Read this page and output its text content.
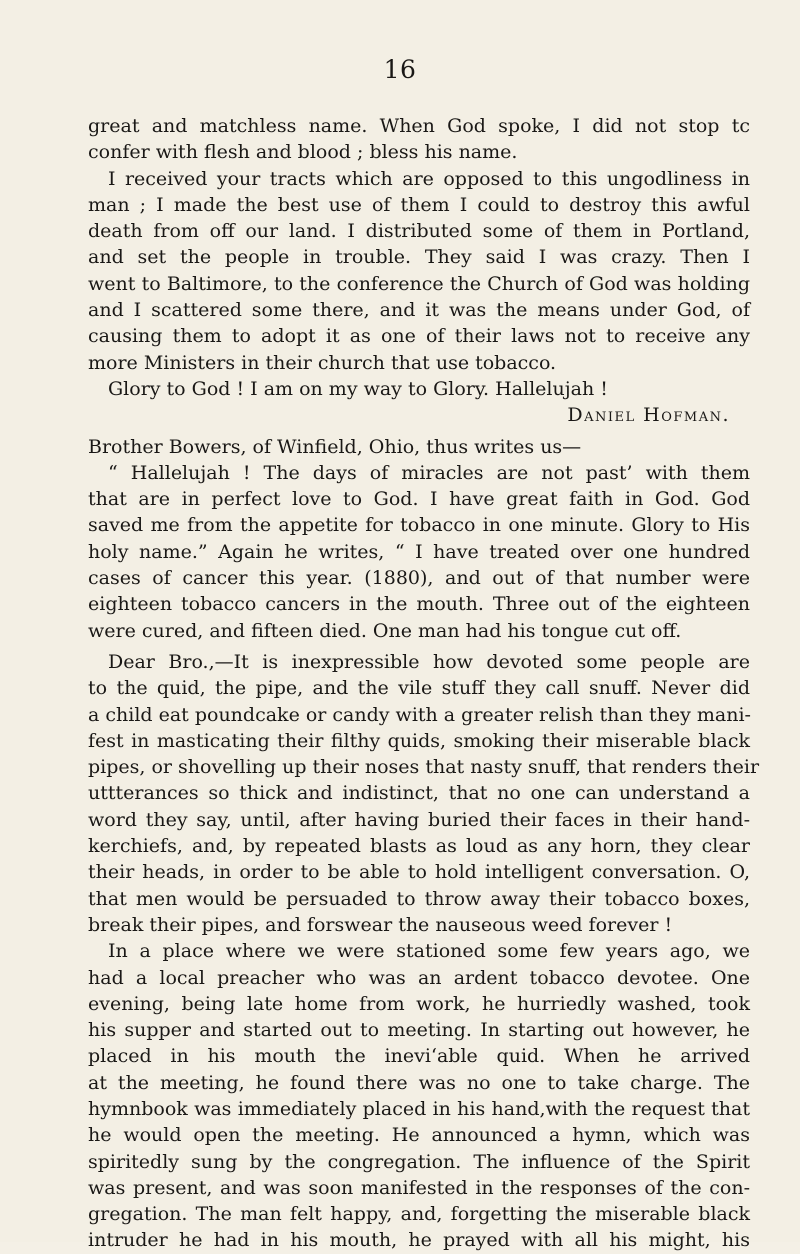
16
great and matchless name. When God spoke, I did not stop tc
confer with flesh and blood ; bless his name.
I received your tracts which are opposed to this ungodliness in
man ; I made the best use of them I could to destroy this awful
death from off our land. I distributed some of them in Portland,
and set the people in trouble. They said I was crazy. Then I
went to Baltimore, to the conference the Church of God was holding
and I scattered some there, and it was the means under God, of
causing them to adopt it as one of their laws not to receive any
more Ministers in their church that use tobacco.
Glory to God ! I am on my way to Glory. Hallelujah !
Daniel Hofman.
Brother Bowers, of Winfield, Ohio, thus writes us—
“ Hallelujah ! The days of miracles are not past’ with them
that are in perfect love to God. I have great faith in God. God
saved me from the appetite for tobacco in one minute. Glory to His
holy name.” Again he writes, “ I have treated over one hundred
cases of cancer this year. (1880), and out of that number were
eighteen tobacco cancers in the mouth. Three out of the eighteen
were cured, and fifteen died. One man had his tongue cut off.
Dear Bro.,—It is inexpressible how devoted some people are
to the quid, the pipe, and the vile stuff they call snuff. Never did
a child eat poundcake or candy with a greater relish than they mani-
fest in masticating their filthy quids, smoking their miserable black
pipes, or shovelling up their noses that nasty snuff, that renders their
uttterances so thick and indistinct, that no one can understand a
word they say, until, after having buried their faces in their hand-
kerchiefs, and, by repeated blasts as loud as any horn, they clear
their heads, in order to be able to hold intelligent conversation. O,
that men would be persuaded to throw away their tobacco boxes,
break their pipes, and forswear the nauseous weed forever !
In a place where we were stationed some few years ago, we
had a local preacher who was an ardent tobacco devotee. One
evening, being late home from work, he hurriedly washed, took
his supper and started out to meeting. In starting out however, he
placed in his mouth the inevi‘able quid. When he arrived
at the meeting, he found there was no one to take charge. The
hymnbook was immediately placed in his hand,with the request that
he would open the meeting. He announced a hymn, which was
spiritedly sung by the congregation. The influence of the Spirit
was present, and was soon manifested in the responses of the con-
gregation. The man felt happy, and, forgetting the miserable black
intruder he had in his mouth, he prayed with all his might, his
